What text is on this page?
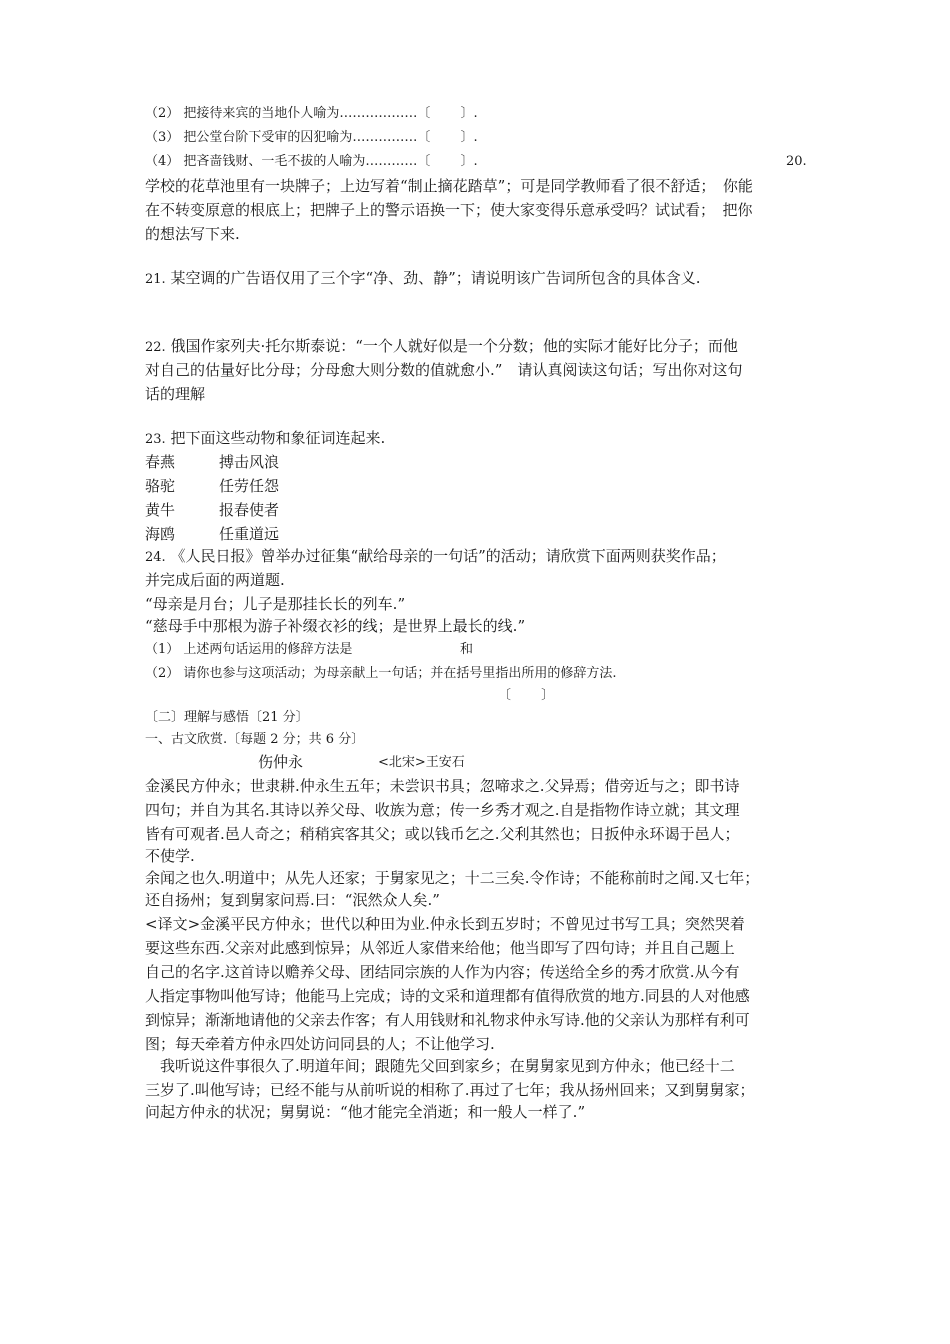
（2） 把接待来宾的当地仆人喻为………………〔 　　〕.
（3） 把公堂台阶下受审的囚犯喻为……………〔 　　〕.
（4） 把吝啬钱财、一毛不拔的人喻为…………〔 　　〕.	20.
学校的花草池里有一块牌子；上边写着“制止摘花踏草”；可是同学教师看了很不舒适；　你能
在不转变原意的根底上；把牌子上的警示语换一下；使大家变得乐意承受吗？试试看；　把你
的想法写下来.
21. 某空调的广告语仅用了三个字“净、劲、静”；请说明该广告词所包含的具体含义.
22. 俄国作家列夫·托尔斯泰说：“一个人就好似是一个分数；他的实际才能好比分子；而他
对自己的估量好比分母；分母愈大则分数的值就愈小.”　请认真阅读这句话；写出你对这句
话的理解
23. 把下面这些动物和象征词连起来.
春燕	搏击风浪
骆驼	任劳任怨
黄牛	报春使者
海鸥	任重道远
24. 《人民日报》曾举办过征集“献给母亲的一句话”的活动；请欣赏下面两则获奖作品；
并完成后面的两道题.
“母亲是月台；儿子是那挂长长的列车.”
“慈母手中那根为游子补缀衣衫的线；是世界上最长的线.”
（1） 上述两句话运用的修辞方法是	和
（2） 请你也参与这项活动；为母亲献上一句话；并在括号里指出所用的修辞方法.
〔 　　〕
〔二〕理解与感悟〔21 分〕
一、古文欣赏.〔每题 2 分；共 6 分〕
伤仲永	<北宋>王安石
金溪民方仲永；世隶耕.仲永生五年；未尝识书具；忽啼求之.父异焉；借旁近与之；即书诗
四句；并自为其名.其诗以养父母、收族为意；传一乡秀才观之.自是指物作诗立就；其文理
皆有可观者.邑人奇之；稍稍宾客其父；或以钱币乞之.父利其然也；日扳仲永环谒于邑人；
不使学.
余闻之也久.明道中；从先人还家；于舅家见之；十二三矣.令作诗；不能称前时之闻.又七年；
还自扬州；复到舅家问焉.曰：“泯然众人矣.”
<译文>金溪平民方仲永；世代以种田为业.仲永长到五岁时；不曾见过书写工具；突然哭着
要这些东西.父亲对此感到惊异；从邻近人家借来给他；他当即写了四句诗；并且自己题上
自己的名字.这首诗以赡养父母、团结同宗族的人作为内容；传送给全乡的秀才欣赏.从今有
人指定事物叫他写诗；他能马上完成；诗的文采和道理都有值得欣赏的地方.同县的人对他感
到惊异；渐渐地请他的父亲去作客；有人用钱财和礼物求仲永写诗.他的父亲认为那样有利可
图；每天牵着方仲永四处访问同县的人；不让他学习.
　我听说这件事很久了.明道年间；跟随先父回到家乡；在舅舅家见到方仲永；他已经十二
三岁了.叫他写诗；已经不能与从前听说的相称了.再过了七年；我从扬州回来；又到舅舅家；
问起方仲永的状况；舅舅说：“他才能完全消逝；和一般人一样了.”
